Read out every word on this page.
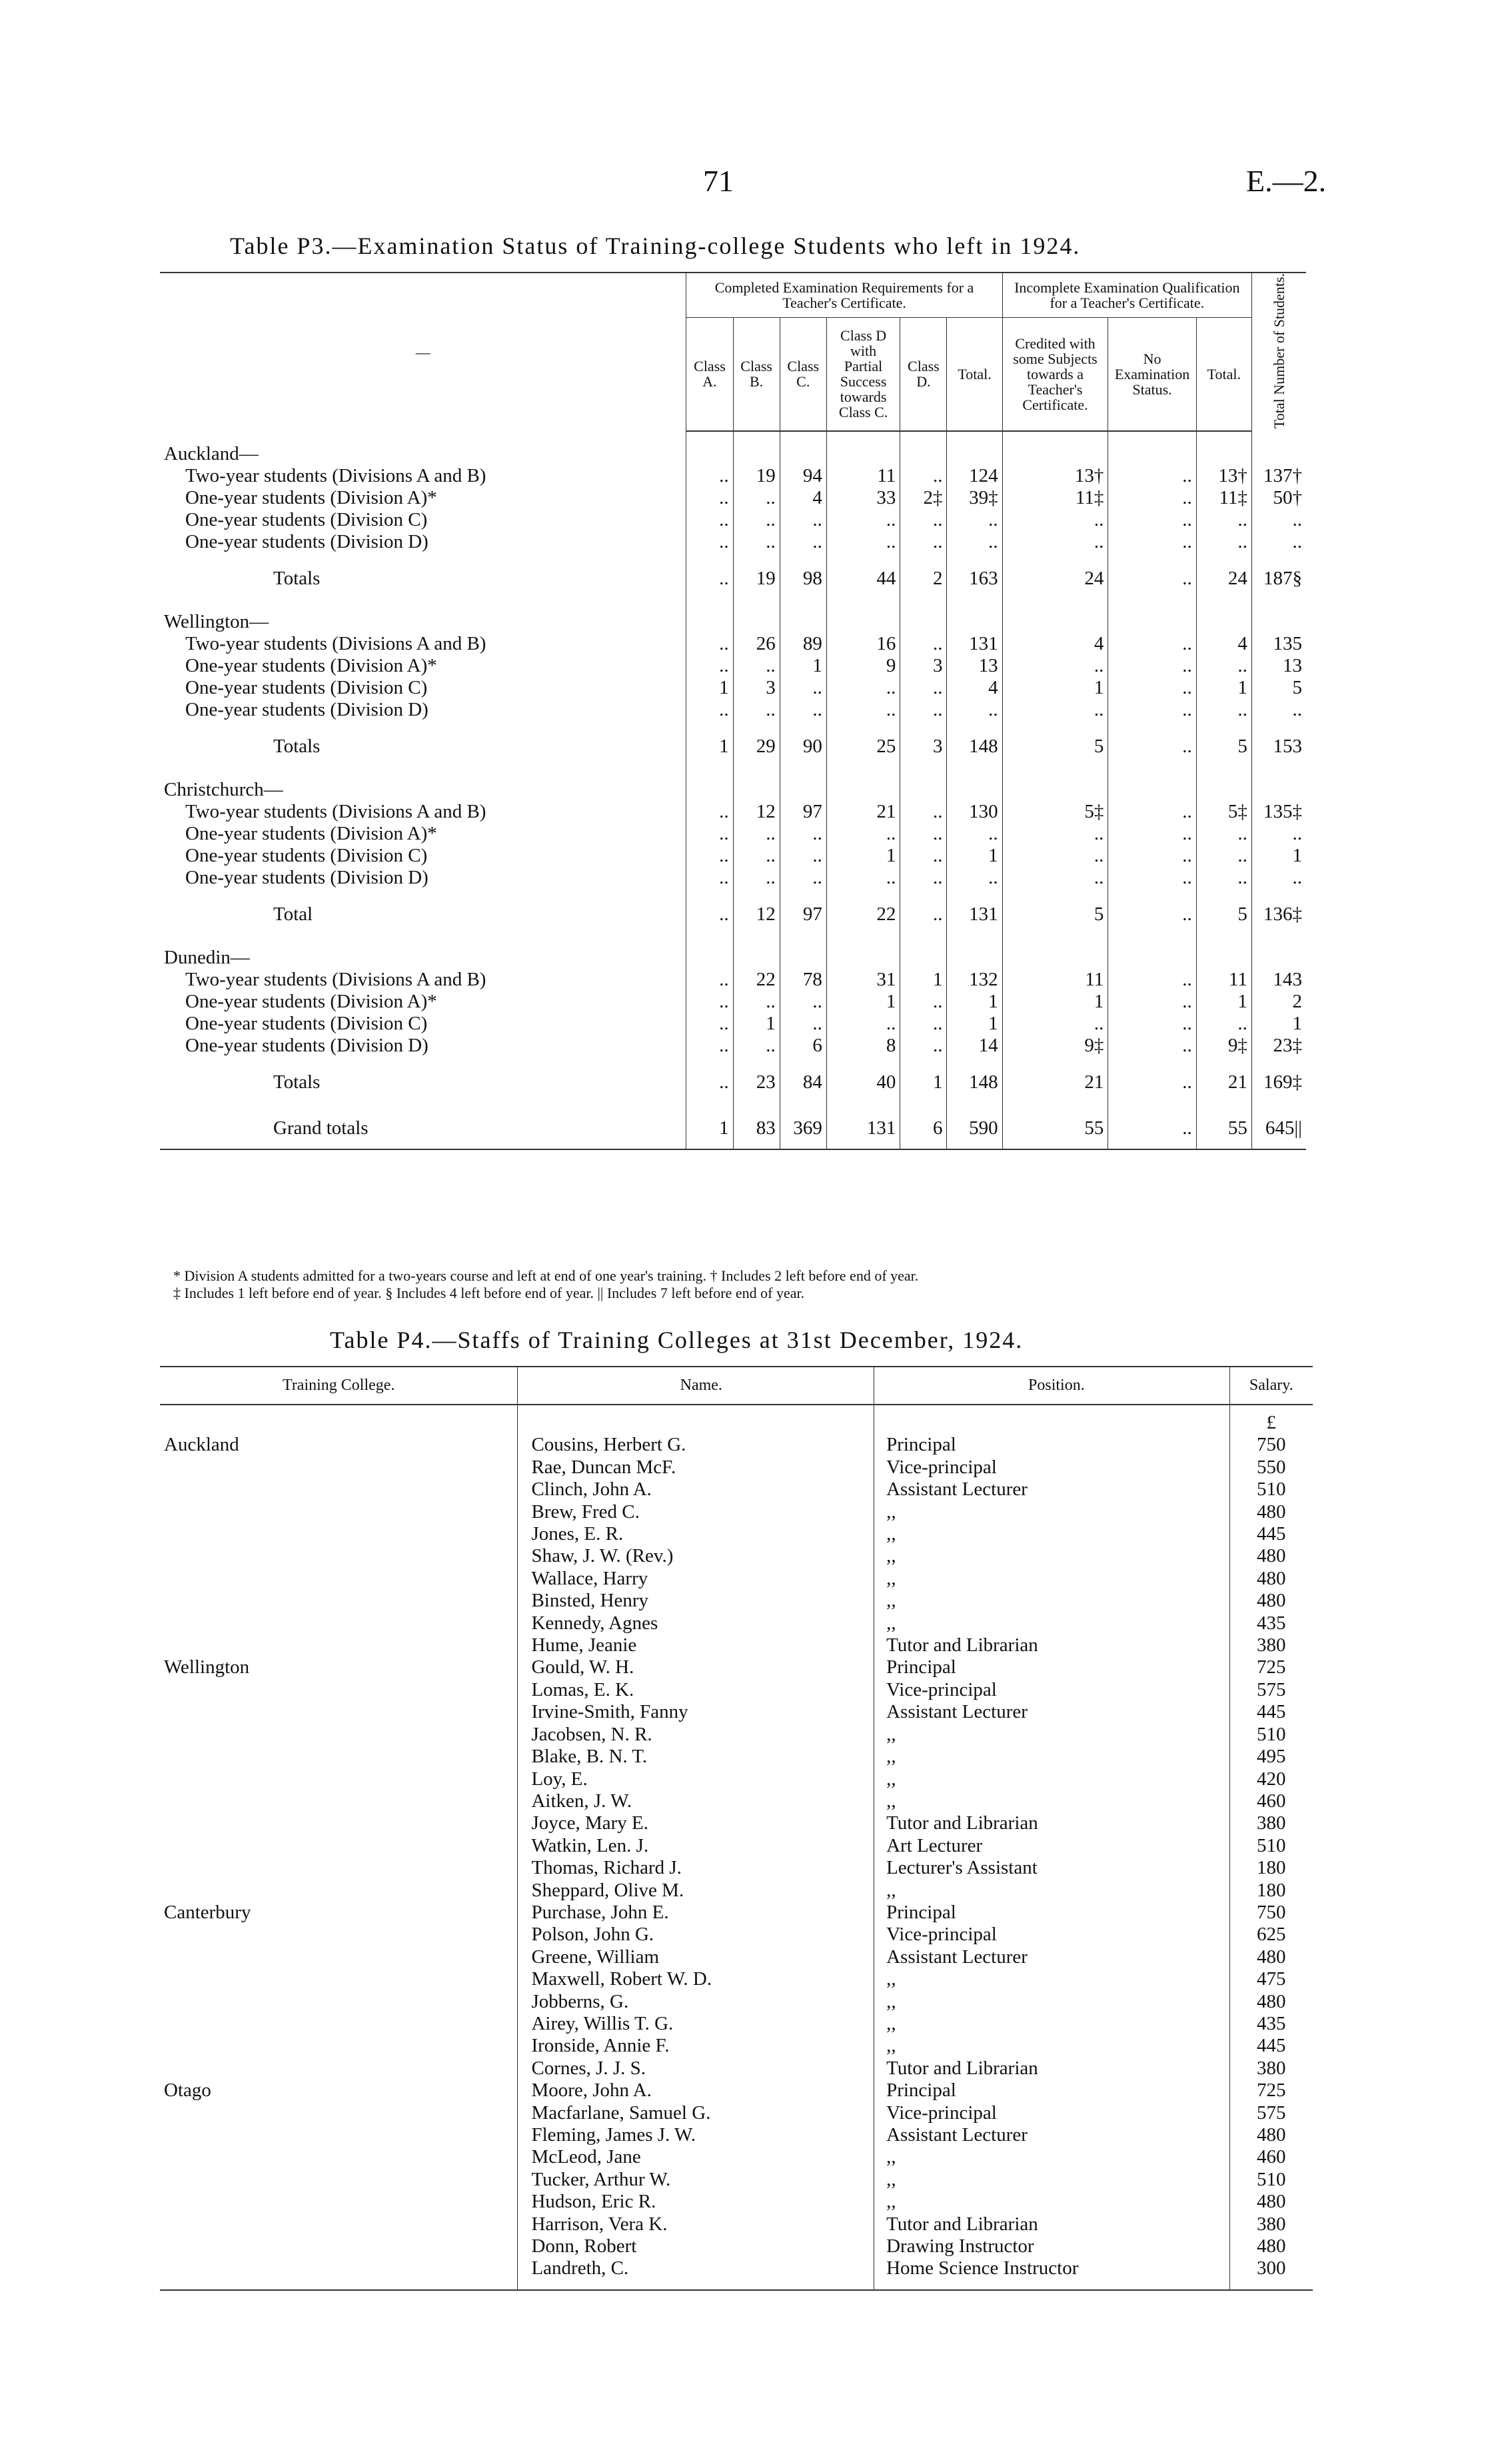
71	E.—2.
Table P3.—Examination Status of Training-college Students who left in 1924.
—	Completed Examination Requirements for a Teacher's Certificate.						Incomplete Examination Qualification for a Teacher's Certificate.			Total Number of Students.
	Class A.	Class B.	Class C.	Class D with Partial Success towards Class C.	Class D.	Total.	Credited with some Subjects towards a Teacher's Certificate.	No Examination Status.	Total.	
Auckland—										
Two-year students (Divisions A and B)	..	19	94	11	..	124	13†	..	13†	137†
One-year students (Division A)*	..	..	4	33	2‡	39‡	11‡	..	11‡	50†
One-year students (Division C)	..	..	..	..	..	..	..	..	..	..
One-year students (Division D)	..	..	..	..	..	..	..	..	..	..
Totals	..	19	98	44	2	163	24	..	24	187§
Wellington—										
Two-year students (Divisions A and B)	..	26	89	16	..	131	4	..	4	135
One-year students (Division A)*	..	..	1	9	3	13	..	..	..	13
One-year students (Division C)	1	3	..	..	..	4	1	..	1	5
One-year students (Division D)	..	..	..	..	..	..	..	..	..	..
Totals	1	29	90	25	3	148	5	..	5	153
Christchurch—										
Two-year students (Divisions A and B)	..	12	97	21	..	130	5‡	..	5‡	135‡
One-year students (Division A)*	..	..	..	..	..	..	..	..	..	..
One-year students (Division C)	..	..	..	1	..	1	..	..	..	1
One-year students (Division D)	..	..	..	..	..	..	..	..	..	..
Total	..	12	97	22	..	131	5	..	5	136‡
Dunedin—										
Two-year students (Divisions A and B)	..	22	78	31	1	132	11	..	11	143
One-year students (Division A)*	..	..	..	1	..	1	1	..	1	2
One-year students (Division C)	..	1	..	..	..	1	..	..	..	1
One-year students (Division D)	..	..	6	8	..	14	9‡	..	9‡	23‡
Totals	..	23	84	40	1	148	21	..	21	169‡
Grand totals	1	83	369	131	6	590	55	..	55	645||
* Division A students admitted for a two-years course and left at end of one year's training. † Includes 2 left before end of year.
‡ Includes 1 left before end of year. § Includes 4 left before end of year. || Includes 7 left before end of year.
Table P4.—Staffs of Training Colleges at 31st December, 1924.
Training College.	Name.	Position.	Salary.
			£
Auckland	Cousins, Herbert G.	Principal	750
	Rae, Duncan McF.	Vice-principal	550
	Clinch, John A.	Assistant Lecturer	510
	Brew, Fred C.	,,	480
	Jones, E. R.	,,	445
	Shaw, J. W. (Rev.)	,,	480
	Wallace, Harry	,,	480
	Binsted, Henry	,,	480
	Kennedy, Agnes	,,	435
	Hume, Jeanie	Tutor and Librarian	380
Wellington	Gould, W. H.	Principal	725
	Lomas, E. K.	Vice-principal	575
	Irvine-Smith, Fanny	Assistant Lecturer	445
	Jacobsen, N. R.	,,	510
	Blake, B. N. T.	,,	495
	Loy, E.	,,	420
	Aitken, J. W.	,,	460
	Joyce, Mary E.	Tutor and Librarian	380
	Watkin, Len. J.	Art Lecturer	510
	Thomas, Richard J.	Lecturer's Assistant	180
	Sheppard, Olive M.	,,	180
Canterbury	Purchase, John E.	Principal	750
	Polson, John G.	Vice-principal	625
	Greene, William	Assistant Lecturer	480
	Maxwell, Robert W. D.	,,	475
	Jobberns, G.	,,	480
	Airey, Willis T. G.	,,	435
	Ironside, Annie F.	,,	445
	Cornes, J. J. S.	Tutor and Librarian	380
Otago	Moore, John A.	Principal	725
	Macfarlane, Samuel G.	Vice-principal	575
	Fleming, James J. W.	Assistant Lecturer	480
	McLeod, Jane	,,	460
	Tucker, Arthur W.	,,	510
	Hudson, Eric R.	,,	480
	Harrison, Vera K.	Tutor and Librarian	380
	Donn, Robert	Drawing Instructor	480
	Landreth, C.	Home Science Instructor	300
